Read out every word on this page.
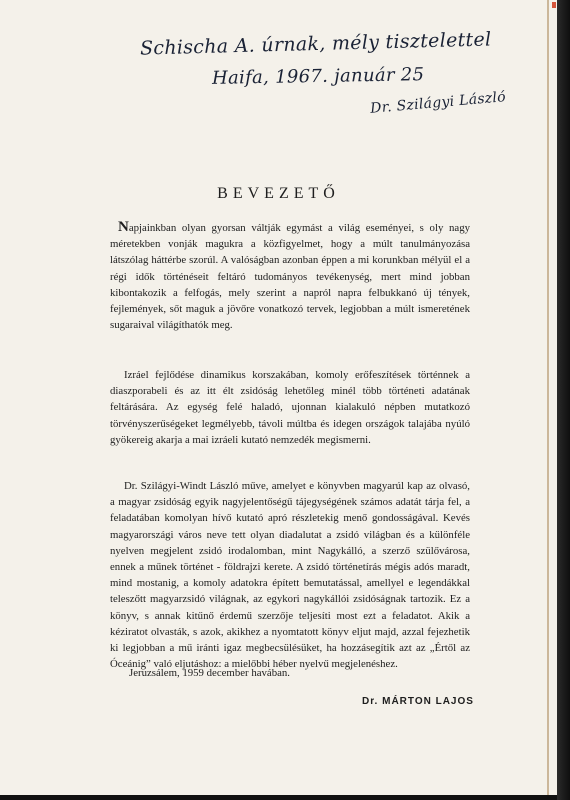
Schischa A. úrnak, mély tisztelettel
Haifa, 1967. január 25
Dr. Szilágyi László
BEVEZETŐ
Napjainkban olyan gyorsan váltják egymást a világ eseményei, s oly nagy méretekben vonják magukra a közfigyelmet, hogy a múlt tanulmányozása látszólag háttérbe szorúl. A valóságban azonban éppen a mi korunkban mélyül el a régi idők történéseit feltáró tudományos tevékenység, mert mind jobban kibontakozik a felfogás, mely szerint a napról napra felbukkanó új tények, fejlemények, sőt maguk a jövőre vonatkozó tervek, legjobban a múlt ismeretének sugaraival világíthatók meg.
Izráel fejlődése dinamikus korszakában, komoly erőfeszítések történnek a diaszporabeli és az itt élt zsidóság lehetőleg minél több történeti adatának feltárására. Az egység felé haladó, ujonnan kialakuló népben mutatkozó törvényszerűségeket legmélyebb, távoli múltba és idegen országok talajába nyúló gyökereig akarja a mai izráeli kutató nemzedék megismerni.
Dr. Szilágyi-Windt László műve, amelyet e könyvben magyarúl kap az olvasó, a magyar zsidóság egyik nagyjelentőségű tájegységének számos adatát tárja fel, a feladatában komolyan hívő kutató apró részletekig menő gondosságával. Kevés magyarországi város neve tett olyan diadalutat a zsidó világban és a különféle nyelven megjelent zsidó irodalomban, mint Nagykálló, a szerző szülővárosa, ennek a műnek történet - földrajzi kerete. A zsidó történetírás mégis adós maradt, mind mostanig, a komoly adatokra épített bemutatással, amellyel e legendákkal teleszőtt magyarzsidó világnak, az egykori nagykállói zsidóságnak tartozik. Ez a könyv, s annak kitűnő érdemű szerzője teljesíti most ezt a feladatot. Akik a kéziratot olvasták, s azok, akikhez a nyomtatott könyv eljut majd, azzal fejezhetik ki legjobban a mű iránti igaz megbecsülésüket, ha hozzásegítik azt az „Értől az Óceánig” való eljutáshoz: a mielőbbi héber nyelvű megjelenéshez.
Jeruzsálem, 1959 december havában.
Dr. MÁRTON LAJOS
